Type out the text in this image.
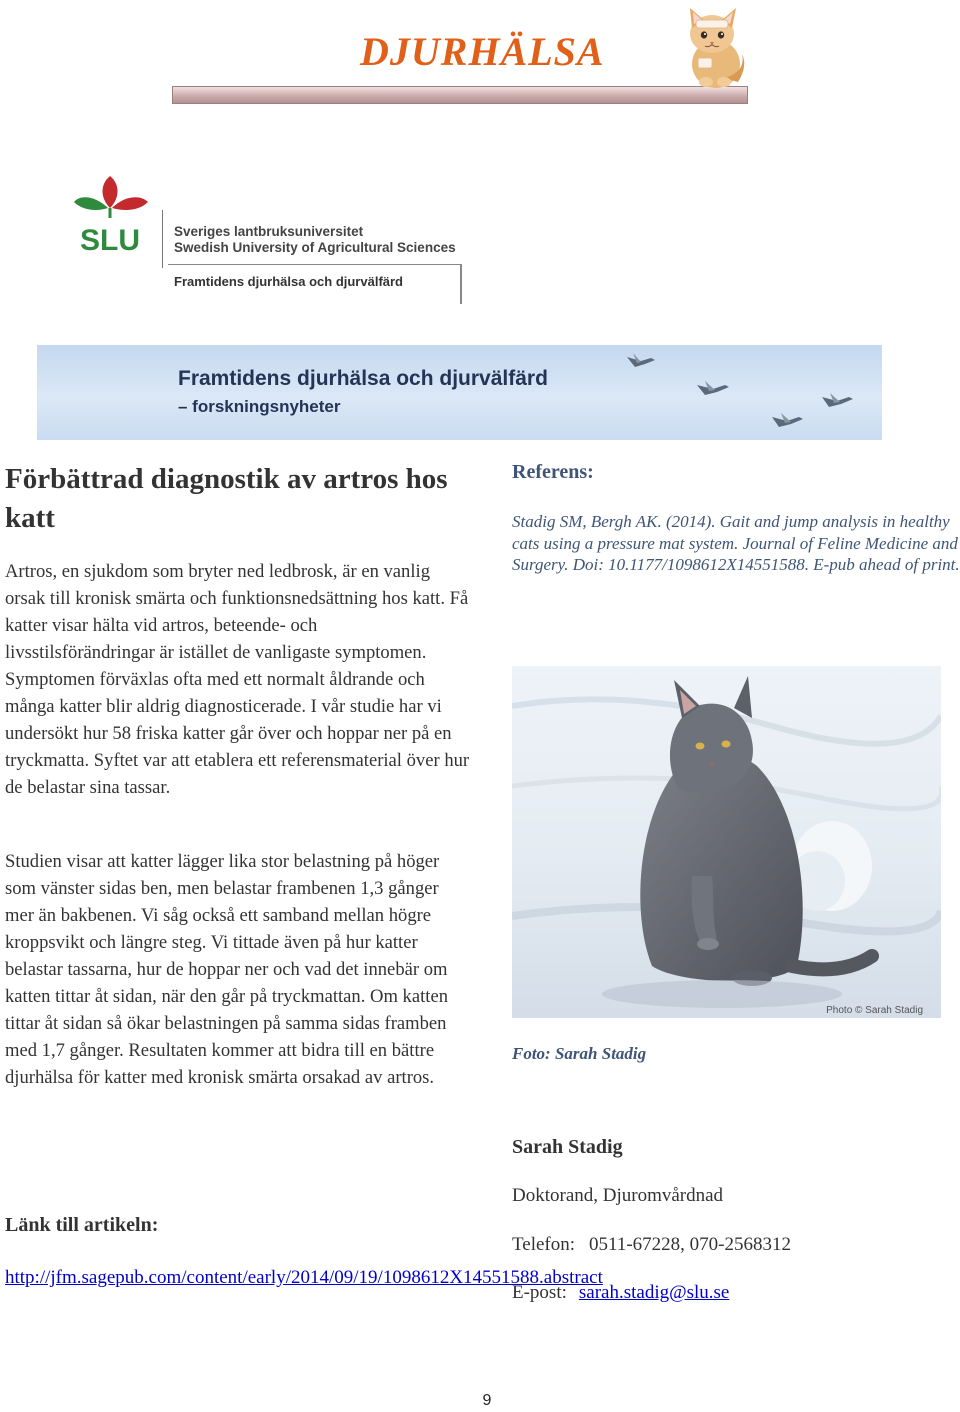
DJURHÄLSA
SLU	Sveriges lantbruksuniversitet
Swedish University of Agricultural Sciences
Framtidens djurhälsa och djurvälfärd
Framtidens djurhälsa och djurvälfärd
– forskningsnyheter
Förbättrad diagnostik av artros hos katt
Artros, en sjukdom som bryter ned ledbrosk, är en vanlig orsak till kronisk smärta och funktionsnedsättning hos katt. Få katter visar hälta vid artros, beteende- och livsstilsförändringar är istället de vanligaste symptomen. Symptomen förväxlas ofta med ett normalt åldrande och många katter blir aldrig diagnosticerade. I vår studie har vi undersökt hur 58 friska katter går över och hoppar ner på en tryckmatta. Syftet var att etablera ett referensmaterial över hur de belastar sina tassar.
Studien visar att katter lägger lika stor belastning på höger som vänster sidas ben, men belastar frambenen 1,3 gånger mer än bakbenen. Vi såg också ett samband mellan högre kroppsvikt och längre steg. Vi tittade även på hur katter belastar tassarna, hur de hoppar ner och vad det innebär om katten tittar åt sidan, när den går på tryckmattan. Om katten tittar åt sidan så ökar belastningen på samma sidas framben med 1,7 gånger. Resultaten kommer att bidra till en bättre djurhälsa för katter med kronisk smärta orsakad av artros.
Länk till artikeln:
http://jfm.sagepub.com/content/early/2014/09/19/1098612X14551588.abstract
Referens:
Stadig SM, Bergh AK. (2014). Gait and jump analysis in healthy cats using a pressure mat system. Journal of Feline Medicine and Surgery. Doi: 10.1177/1098612X14551588. E-pub ahead of print.
Photo © Sarah Stadig
Foto: Sarah Stadig
Sarah Stadig
Doktorand, Djuromvårdnad
Telefon: 0511-67228, 070-2568312
E-post: sarah.stadig@slu.se
9
